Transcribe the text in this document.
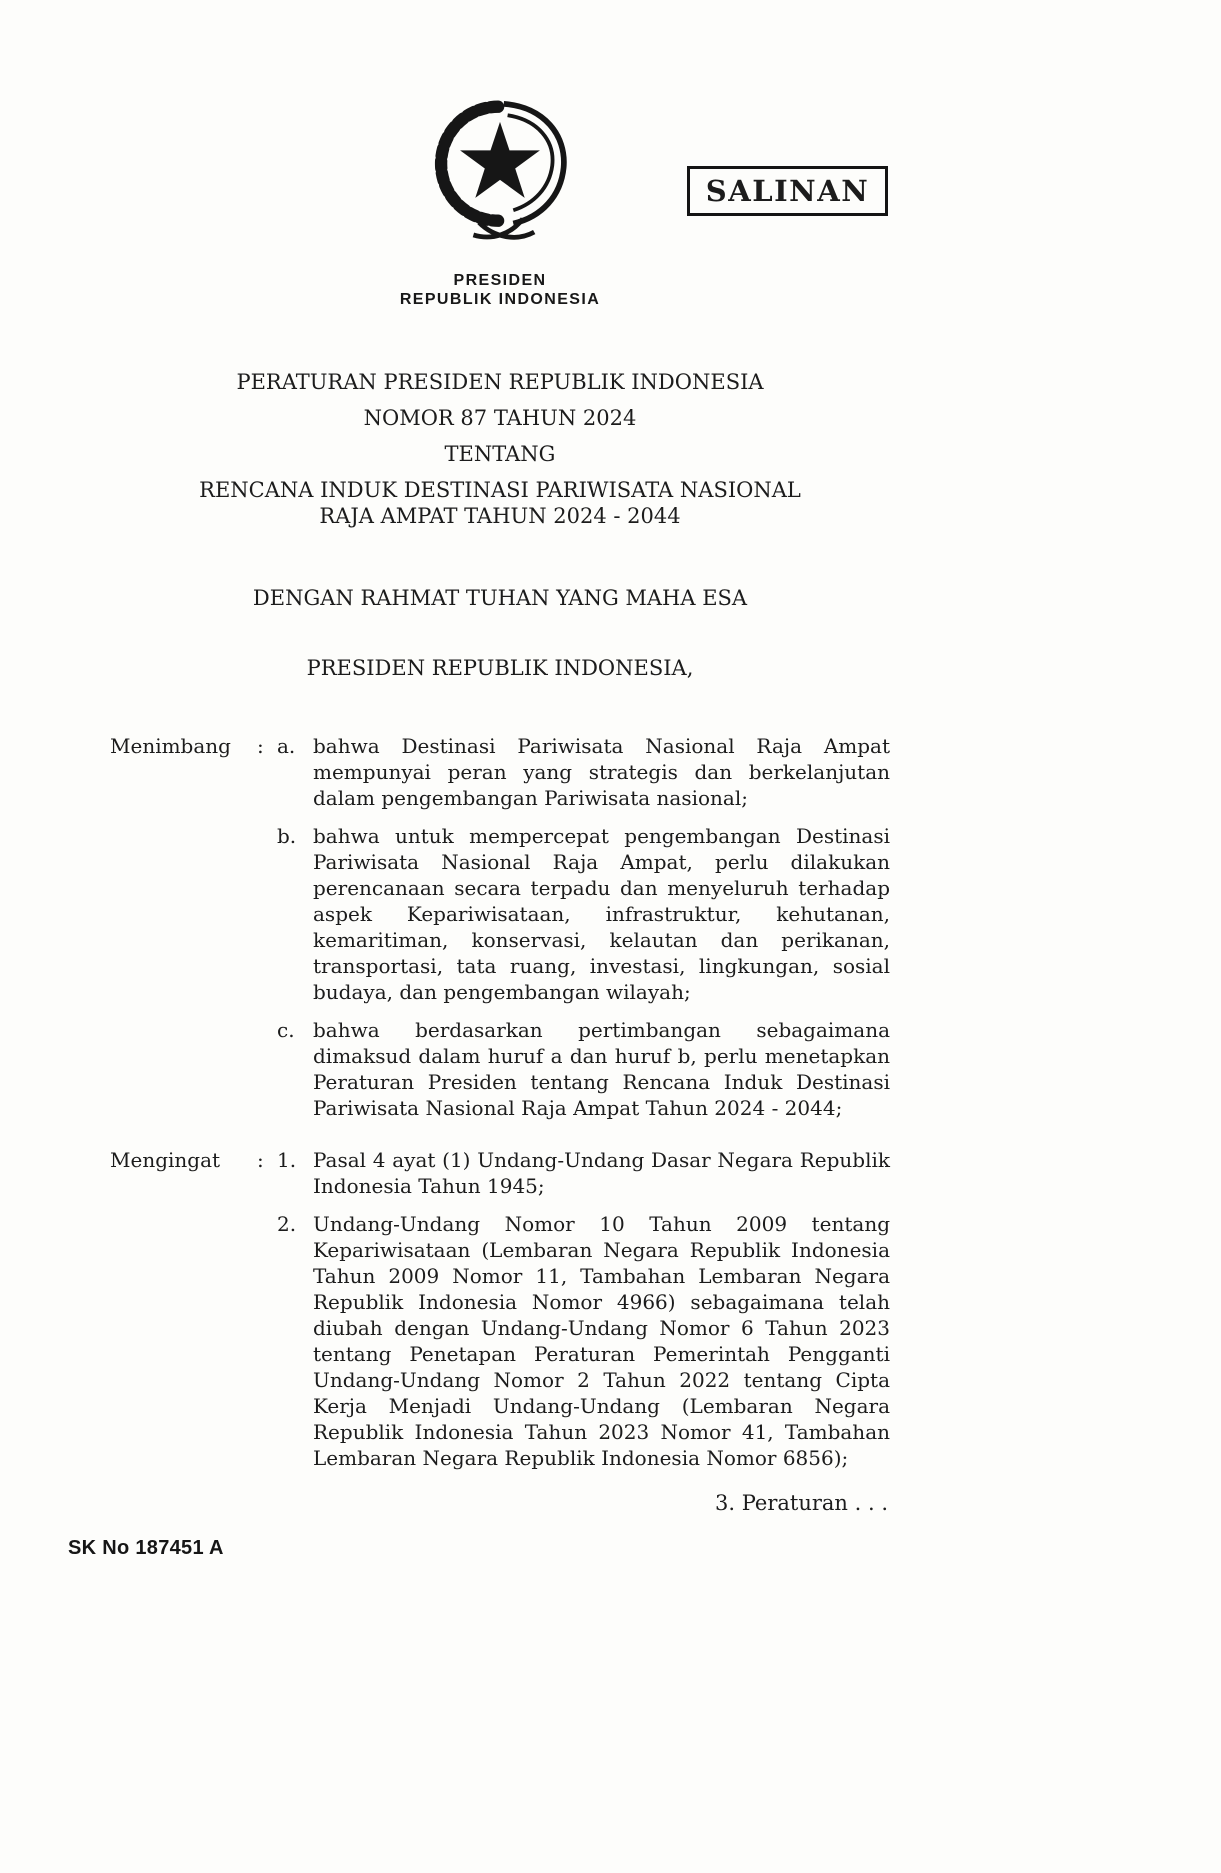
SALINAN
PRESIDEN
REPUBLIK INDONESIA
PERATURAN PRESIDEN REPUBLIK INDONESIA
NOMOR 87 TAHUN 2024
TENTANG
RENCANA INDUK DESTINASI PARIWISATA NASIONAL
RAJA AMPAT TAHUN 2024 - 2044
DENGAN RAHMAT TUHAN YANG MAHA ESA
PRESIDEN REPUBLIK INDONESIA,
Menimbang	: a. bahwa Destinasi Pariwisata Nasional Raja Ampat mempunyai peran yang strategis dan berkelanjutan dalam pengembangan Pariwisata nasional;
b. bahwa untuk mempercepat pengembangan Destinasi Pariwisata Nasional Raja Ampat, perlu dilakukan perencanaan secara terpadu dan menyeluruh terhadap aspek Kepariwisataan, infrastruktur, kehutanan, kemaritiman, konservasi, kelautan dan perikanan, transportasi, tata ruang, investasi, lingkungan, sosial budaya, dan pengembangan wilayah;
c. bahwa berdasarkan pertimbangan sebagaimana dimaksud dalam huruf a dan huruf b, perlu menetapkan Peraturan Presiden tentang Rencana Induk Destinasi Pariwisata Nasional Raja Ampat Tahun 2024 - 2044;
Mengingat	: 1. Pasal 4 ayat (1) Undang-Undang Dasar Negara Republik Indonesia Tahun 1945;
2. Undang-Undang Nomor 10 Tahun 2009 tentang Kepariwisataan (Lembaran Negara Republik Indonesia Tahun 2009 Nomor 11, Tambahan Lembaran Negara Republik Indonesia Nomor 4966) sebagaimana telah diubah dengan Undang-Undang Nomor 6 Tahun 2023 tentang Penetapan Peraturan Pemerintah Pengganti Undang-Undang Nomor 2 Tahun 2022 tentang Cipta Kerja Menjadi Undang-Undang (Lembaran Negara Republik Indonesia Tahun 2023 Nomor 41, Tambahan Lembaran Negara Republik Indonesia Nomor 6856);
3. Peraturan . . .
SK No 187451 A
